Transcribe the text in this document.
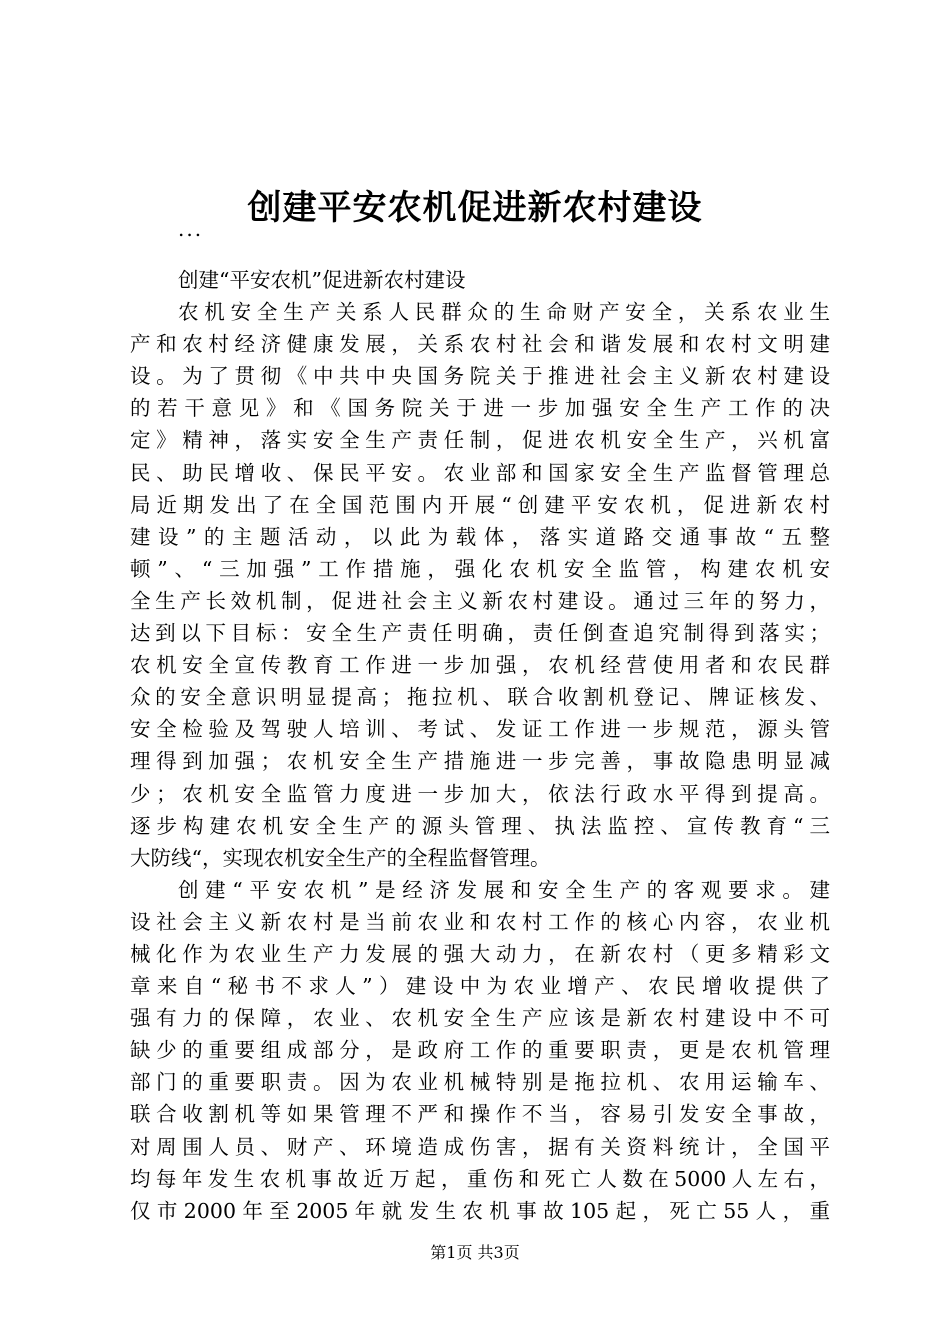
创建平安农机促进新农村建设
...
创建“平安农机”促进新农村建设
农机安全生产关系人民群众的生命财产安全，关系农业生
产和农村经济健康发展，关系农村社会和谐发展和农村文明建
设。为了贯彻《中共中央国务院关于推进社会主义新农村建设
的若干意见》和《国务院关于进一步加强安全生产工作的决
定》精神，落实安全生产责任制，促进农机安全生产，兴机富
民、助民增收、保民平安。农业部和国家安全生产监督管理总
局近期发出了在全国范围内开展“创建平安农机，促进新农村
建设”的主题活动，以此为载体，落实道路交通事故“五整
顿”、“三加强”工作措施，强化农机安全监管，构建农机安
全生产长效机制，促进社会主义新农村建设。通过三年的努力，
达到以下目标：安全生产责任明确，责任倒查追究制得到落实；
农机安全宣传教育工作进一步加强，农机经营使用者和农民群
众的安全意识明显提高；拖拉机、联合收割机登记、牌证核发、
安全检验及驾驶人培训、考试、发证工作进一步规范，源头管
理得到加强；农机安全生产措施进一步完善，事故隐患明显减
少；农机安全监管力度进一步加大，依法行政水平得到提高。
逐步构建农机安全生产的源头管理、执法监控、宣传教育“三
大防线“，实现农机安全生产的全程监督管理。
创建“平安农机”是经济发展和安全生产的客观要求。建
设社会主义新农村是当前农业和农村工作的核心内容，农业机
械化作为农业生产力发展的强大动力，在新农村（更多精彩文
章来自“秘书不求人”）建设中为农业增产、农民增收提供了
强有力的保障，农业、农机安全生产应该是新农村建设中不可
缺少的重要组成部分，是政府工作的重要职责，更是农机管理
部门的重要职责。因为农业机械特别是拖拉机、农用运输车、
联合收割机等如果管理不严和操作不当，容易引发安全事故，
对周围人员、财产、环境造成伤害，据有关资料统计，全国平
均每年发生农机事故近万起，重伤和死亡人数在5000人左右，
仅市2000年至2005年就发生农机事故105起，死亡55人，重
第1页 共3页
